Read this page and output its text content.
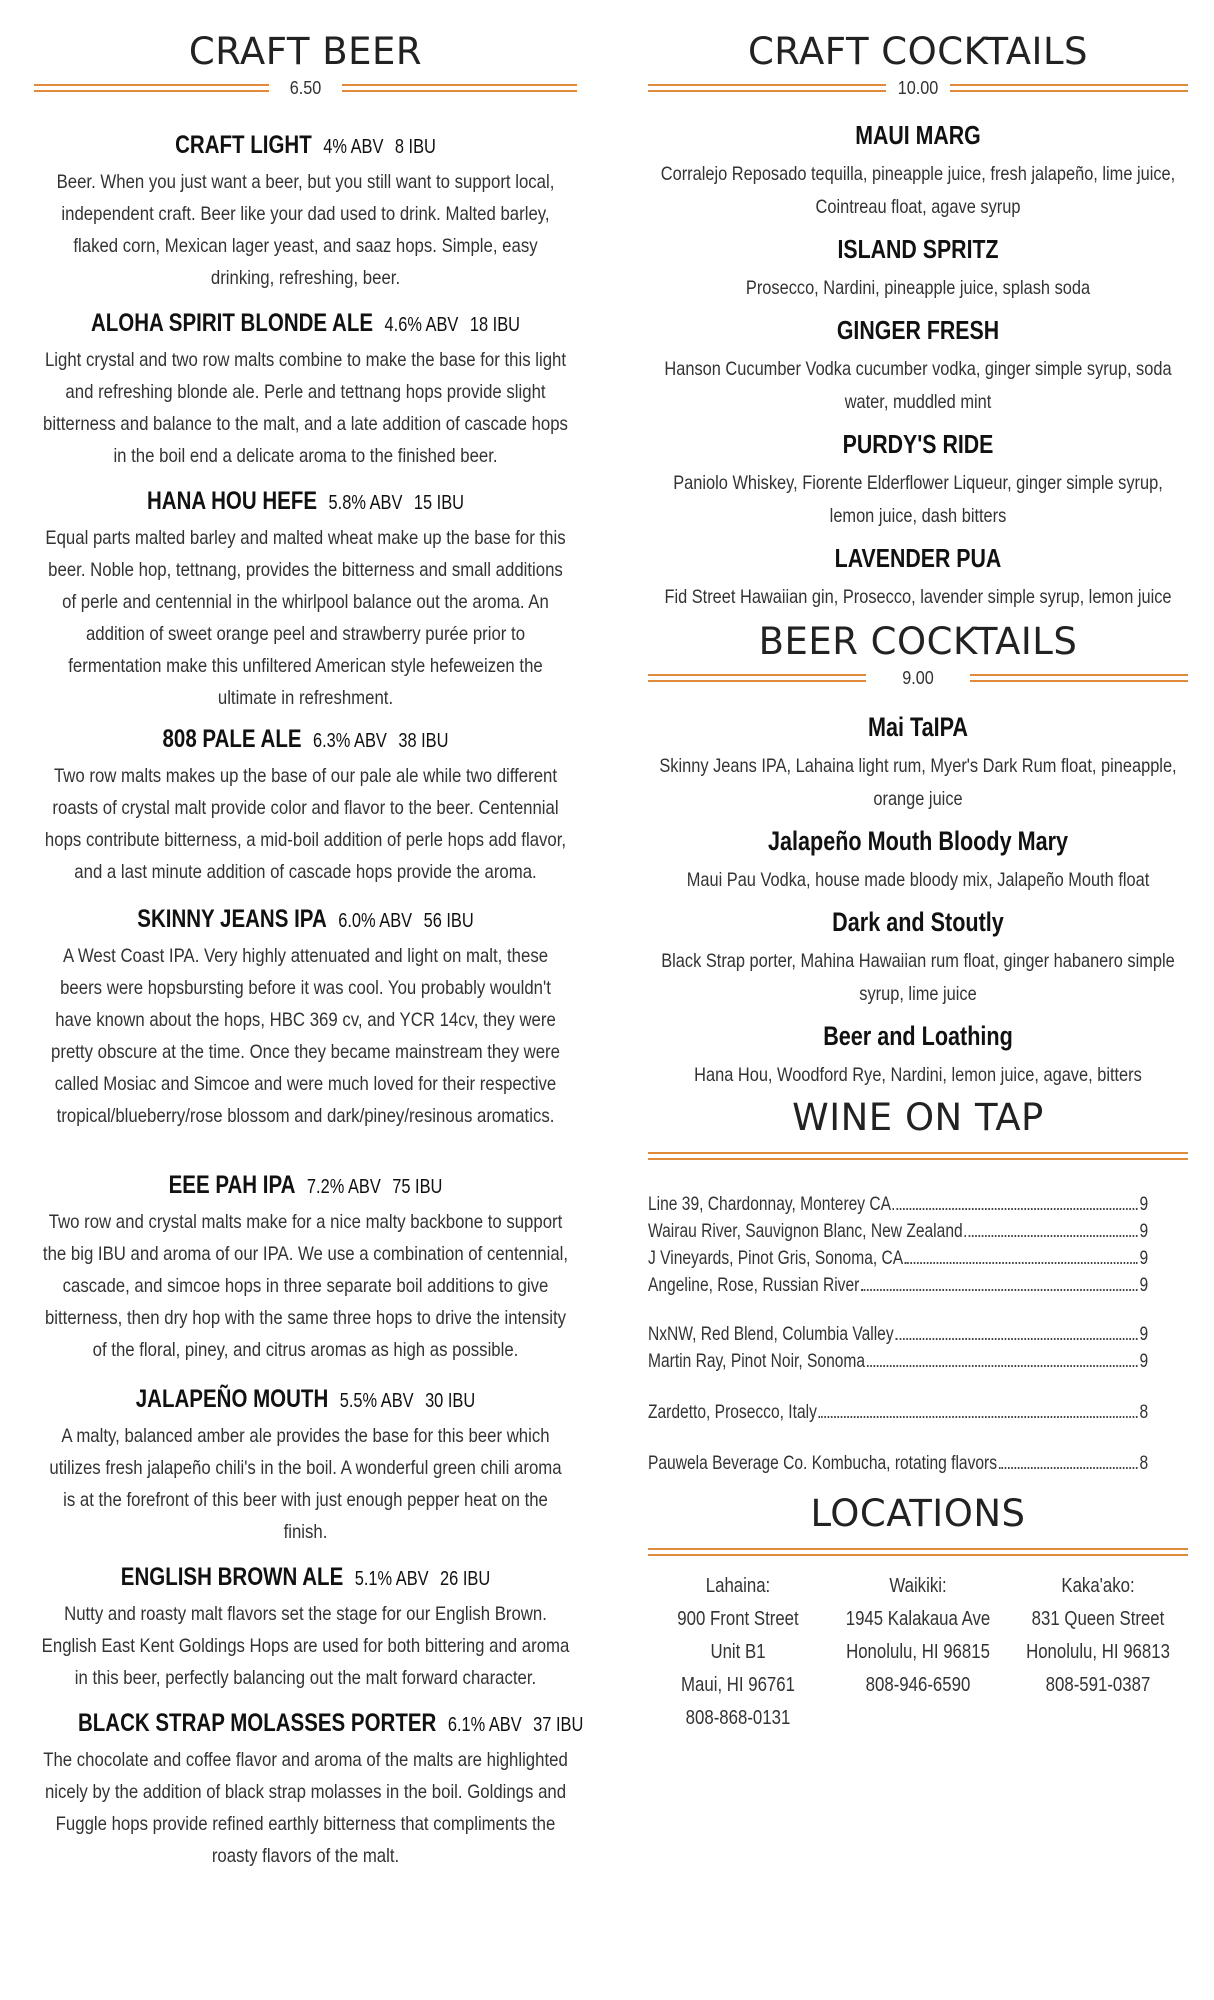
CRAFT BEER
6.50
CRAFT LIGHT 4% ABV 8 IBU
Beer. When you just want a beer, but you still want to support local, independent craft. Beer like your dad used to drink. Malted barley, flaked corn, Mexican lager yeast, and saaz hops. Simple, easy drinking, refreshing, beer.
ALOHA SPIRIT BLONDE ALE 4.6% ABV 18 IBU
Light crystal and two row malts combine to make the base for this light and refreshing blonde ale. Perle and tettnang hops provide slight bitterness and balance to the malt, and a late addition of cascade hops in the boil end a delicate aroma to the finished beer.
HANA HOU HEFE 5.8% ABV 15 IBU
Equal parts malted barley and malted wheat make up the base for this beer. Noble hop, tettnang, provides the bitterness and small additions of perle and centennial in the whirlpool balance out the aroma. An addition of sweet orange peel and strawberry purée prior to fermentation make this unfiltered American style hefeweizen the ultimate in refreshment.
808 PALE ALE 6.3% ABV 38 IBU
Two row malts makes up the base of our pale ale while two different roasts of crystal malt provide color and flavor to the beer. Centennial hops contribute bitterness, a mid-boil addition of perle hops add flavor, and a last minute addition of cascade hops provide the aroma.
SKINNY JEANS IPA 6.0% ABV 56 IBU
A West Coast IPA. Very highly attenuated and light on malt, these beers were hopsbursting before it was cool. You probably wouldn't have known about the hops, HBC 369 cv, and YCR 14cv, they were pretty obscure at the time. Once they became mainstream they were called Mosiac and Simcoe and were much loved for their respective tropical/blueberry/rose blossom and dark/piney/resinous aromatics.
EEE PAH IPA 7.2% ABV 75 IBU
Two row and crystal malts make for a nice malty backbone to support the big IBU and aroma of our IPA. We use a combination of centennial, cascade, and simcoe hops in three separate boil additions to give bitterness, then dry hop with the same three hops to drive the intensity of the floral, piney, and citrus aromas as high as possible.
JALAPEÑO MOUTH 5.5% ABV 30 IBU
A malty, balanced amber ale provides the base for this beer which utilizes fresh jalapeño chili's in the boil. A wonderful green chili aroma is at the forefront of this beer with just enough pepper heat on the finish.
ENGLISH BROWN ALE 5.1% ABV 26 IBU
Nutty and roasty malt flavors set the stage for our English Brown. English East Kent Goldings Hops are used for both bittering and aroma in this beer, perfectly balancing out the malt forward character.
BLACK STRAP MOLASSES PORTER 6.1% ABV 37 IBU
The chocolate and coffee flavor and aroma of the malts are highlighted nicely by the addition of black strap molasses in the boil. Goldings and Fuggle hops provide refined earthly bitterness that compliments the roasty flavors of the malt.
CRAFT COCKTAILS
10.00
MAUI MARG
Corralejo Reposado tequilla, pineapple juice, fresh jalapeño, lime juice, Cointreau float, agave syrup
ISLAND SPRITZ
Prosecco, Nardini, pineapple juice, splash soda
GINGER FRESH
Hanson Cucumber Vodka cucumber vodka, ginger simple syrup, soda water, muddled mint
PURDY'S RIDE
Paniolo Whiskey, Fiorente Elderflower Liqueur, ginger simple syrup, lemon juice, dash bitters
LAVENDER PUA
Fid Street Hawaiian gin, Prosecco, lavender simple syrup, lemon juice
BEER COCKTAILS
9.00
Mai TaIPA
Skinny Jeans IPA, Lahaina light rum, Myer's Dark Rum float, pineapple, orange juice
Jalapeño Mouth Bloody Mary
Maui Pau Vodka, house made bloody mix, Jalapeño Mouth float
Dark and Stoutly
Black Strap porter, Mahina Hawaiian rum float, ginger habanero simple syrup, lime juice
Beer and Loathing
Hana Hou, Woodford Rye, Nardini, lemon juice, agave, bitters
WINE ON TAP
Line 39, Chardonnay, Monterey CA	9
Wairau River, Sauvignon Blanc, New Zealand	9
J Vineyards, Pinot Gris, Sonoma, CA	9
Angeline, Rose, Russian River	9
NxNW, Red Blend, Columbia Valley	9
Martin Ray, Pinot Noir, Sonoma	9
Zardetto, Prosecco, Italy	8
Pauwela Beverage Co. Kombucha, rotating flavors	8
LOCATIONS
Lahaina:
900 Front Street
Unit B1
Maui, HI 96761
808-868-0131
Waikiki:
1945 Kalakaua Ave
Honolulu, HI 96815
808-946-6590
Kaka'ako:
831 Queen Street
Honolulu, HI 96813
808-591-0387
